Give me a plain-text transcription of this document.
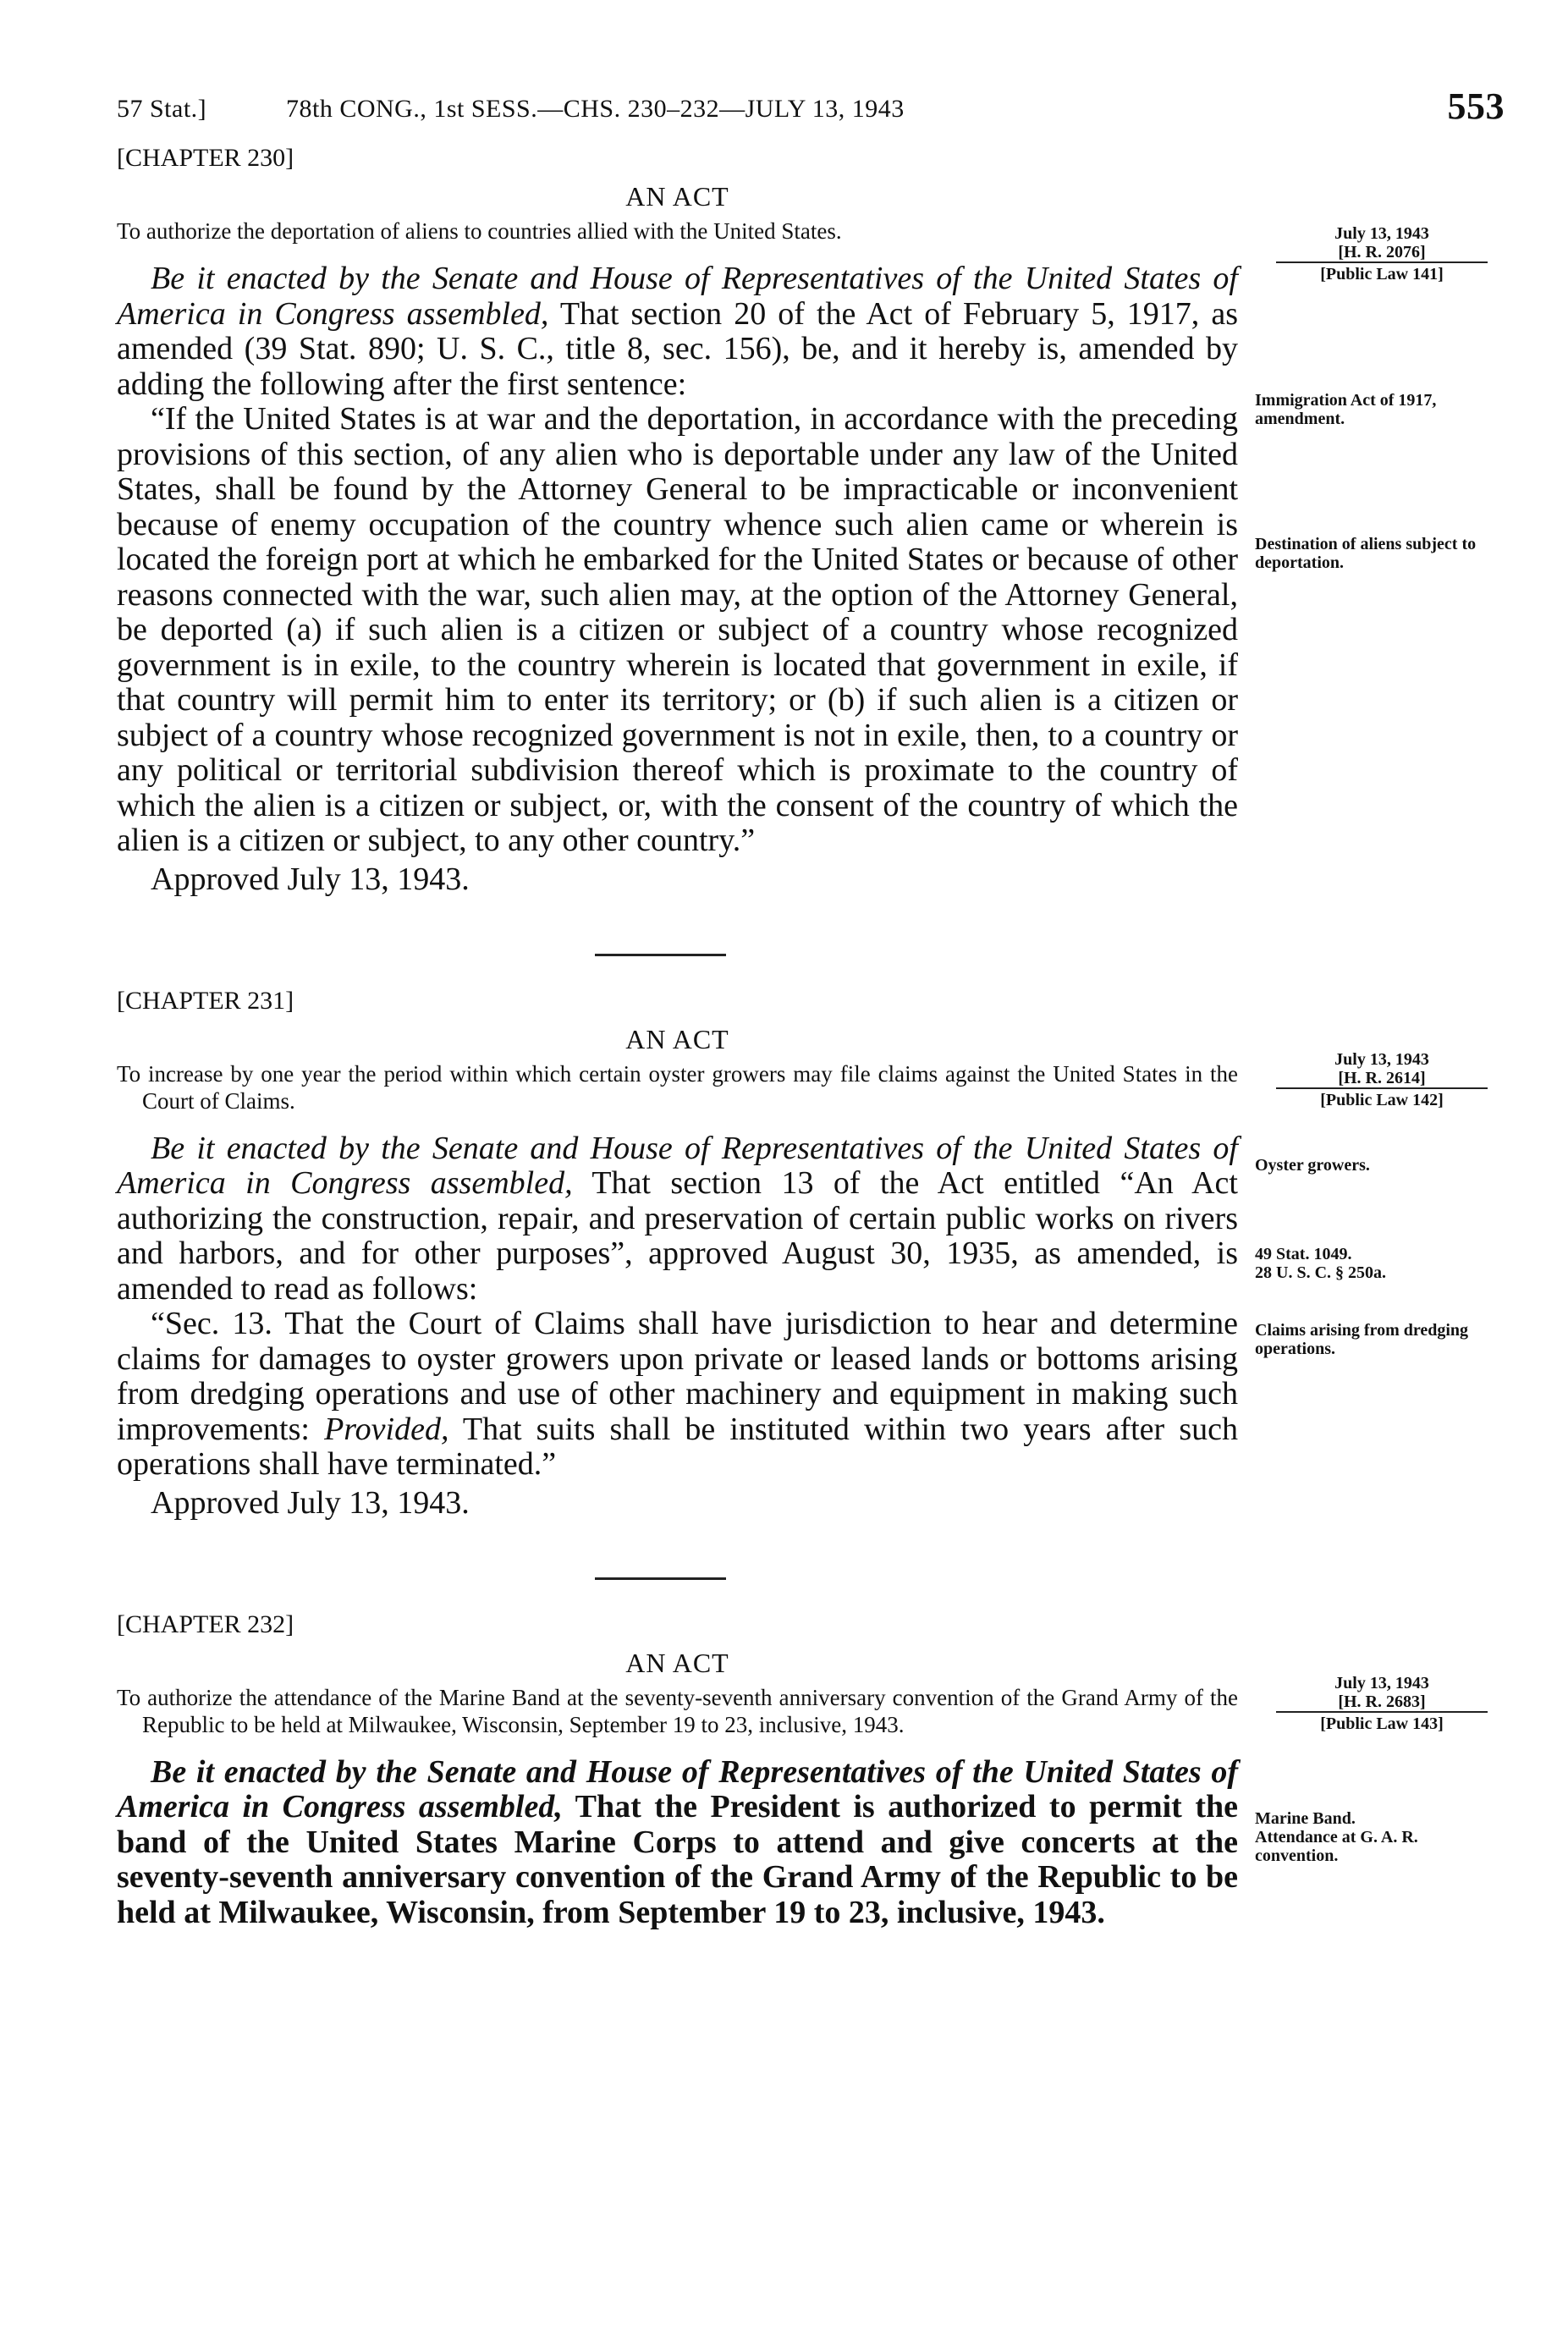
57 Stat.]	78th CONG., 1st SESS.—CHS. 230–232—JULY 13, 1943	553
July 13, 1943
[H. R. 2076]
[Public Law 141]
Immigration Act of 1917, amendment.
Destination of aliens subject to deportation.
[CHAPTER 230]
AN ACT
To authorize the deportation of aliens to countries allied with the United States.

Be it enacted by the Senate and House of Representatives of the United States of America in Congress assembled, That section 20 of the Act of February 5, 1917, as amended (39 Stat. 890; U. S. C., title 8, sec. 156), be, and it hereby is, amended by adding the following after the first sentence:

“If the United States is at war and the deportation, in accordance with the preceding provisions of this section, of any alien who is deportable under any law of the United States, shall be found by the Attorney General to be impracticable or inconvenient because of enemy occupation of the country whence such alien came or wherein is located the foreign port at which he embarked for the United States or because of other reasons connected with the war, such alien may, at the option of the Attorney General, be deported (a) if such alien is a citizen or subject of a country whose recognized government is in exile, to the country wherein is located that government in exile, if that country will permit him to enter its territory; or (b) if such alien is a citizen or subject of a country whose recognized government is not in exile, then, to a country or any political or territorial subdivision thereof which is proximate to the country of which the alien is a citizen or subject, or, with the consent of the country of which the alien is a citizen or subject, to any other country.”

Approved July 13, 1943.
July 13, 1943
[H. R. 2614]
[Public Law 142]
Oyster growers.
49 Stat. 1049.
28 U. S. C. § 250a.
Claims arising from dredging operations.
[CHAPTER 231]
AN ACT
To increase by one year the period within which certain oyster growers may file claims against the United States in the Court of Claims.

Be it enacted by the Senate and House of Representatives of the United States of America in Congress assembled, That section 13 of the Act entitled “An Act authorizing the construction, repair, and preservation of certain public works on rivers and harbors, and for other purposes”, approved August 30, 1935, as amended, is amended to read as follows:

“Sec. 13. That the Court of Claims shall have jurisdiction to hear and determine claims for damages to oyster growers upon private or leased lands or bottoms arising from dredging operations and use of other machinery and equipment in making such improvements: Provided, That suits shall be instituted within two years after such operations shall have terminated.”

Approved July 13, 1943.
July 13, 1943
[H. R. 2683]
[Public Law 143]
Marine Band.
Attendance at G. A. R. convention.
[CHAPTER 232]
AN ACT
To authorize the attendance of the Marine Band at the seventy-seventh anniversary convention of the Grand Army of the Republic to be held at Milwaukee, Wisconsin, September 19 to 23, inclusive, 1943.

Be it enacted by the Senate and House of Representatives of the United States of America in Congress assembled, That the President is authorized to permit the band of the United States Marine Corps to attend and give concerts at the seventy-seventh anniversary convention of the Grand Army of the Republic to be held at Milwaukee, Wisconsin, from September 19 to 23, inclusive, 1943.
